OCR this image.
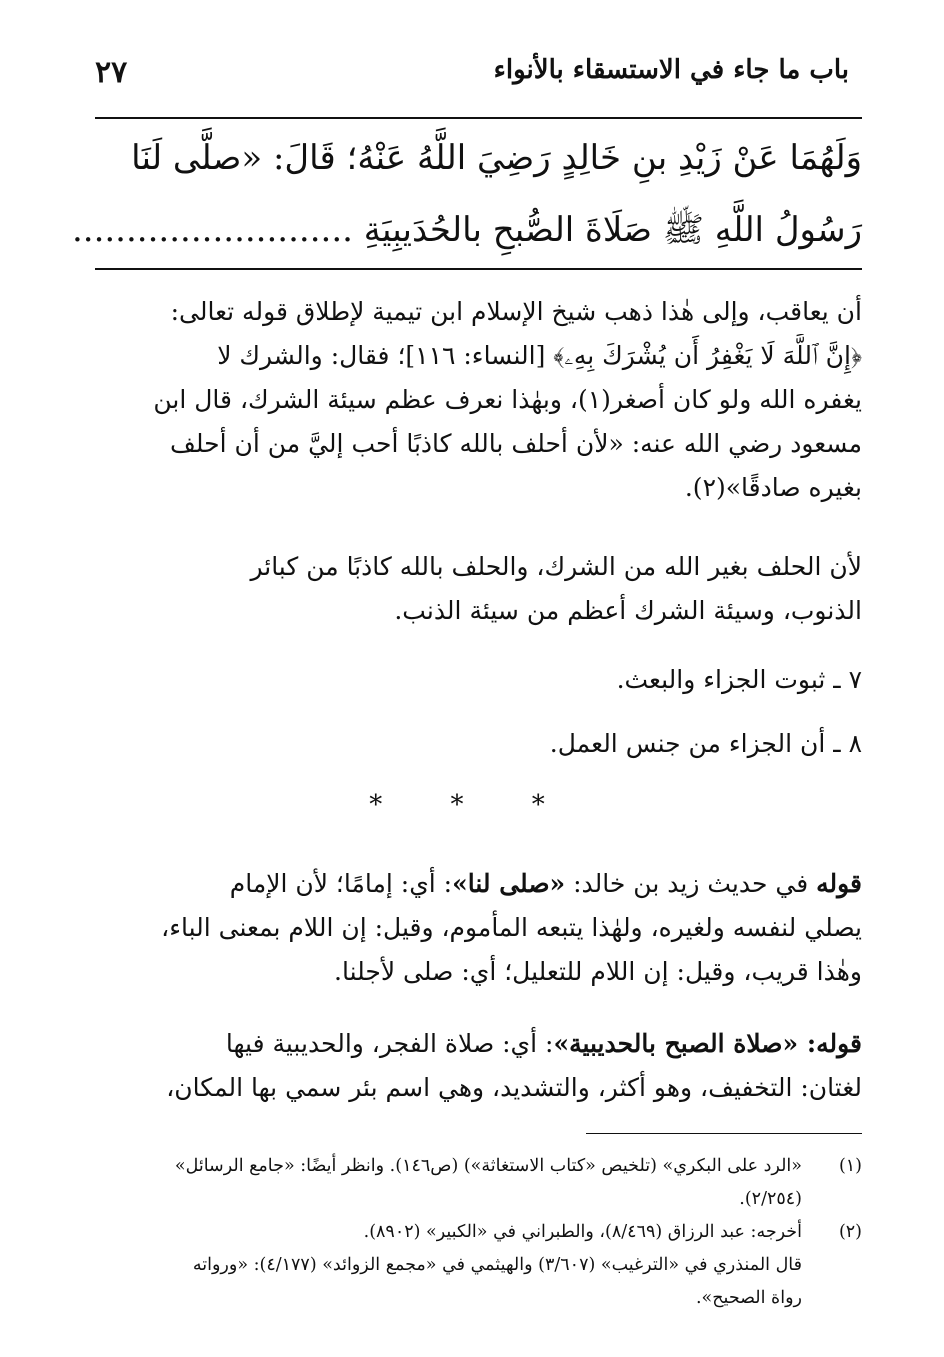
باب ما جاء في الاستسقاء بالأنواء
٢٧
وَلَهُمَا عَنْ زَيْدِ بنِ خَالِدٍ رَضِيَ اللَّهُ عَنْهُ؛ قَالَ: «صلَّى لَنَا
رَسُولُ اللَّهِ ﷺ صَلَاةَ الصُّبحِ بالحُدَيبِيَةِ ..........................
أن يعاقب، وإلى هٰذا ذهب شيخ الإسلام ابن تيمية لإطلاق قوله تعالى:
﴿إِنَّ ٱللَّهَ لَا يَغْفِرُ أَن يُشْرَكَ بِهِۦ﴾ [النساء: ١١٦]؛ فقال: والشرك لا
يغفره الله ولو كان أصغر(١)، وبهٰذا نعرف عظم سيئة الشرك، قال ابن
مسعود رضي الله عنه: «لأن أحلف بالله كاذبًا أحب إليَّ من أن أحلف
بغيره صادقًا»(٢).
لأن الحلف بغير الله من الشرك، والحلف بالله كاذبًا من كبائر
الذنوب، وسيئة الشرك أعظم من سيئة الذنب.
٧ ـ ثبوت الجزاء والبعث.
٨ ـ أن الجزاء من جنس العمل.
* * *
قوله في حديث زيد بن خالد: «صلى لنا»: أي: إمامًا؛ لأن الإمام
يصلي لنفسه ولغيره، ولهٰذا يتبعه المأموم، وقيل: إن اللام بمعنى الباء،
وهٰذا قريب، وقيل: إن اللام للتعليل؛ أي: صلى لأجلنا.
قوله: «صلاة الصبح بالحديبية»: أي: صلاة الفجر، والحديبية فيها
لغتان: التخفيف، وهو أكثر، والتشديد، وهي اسم بئر سمي بها المكان،
(١)
«الرد على البكري» (تلخيص «كتاب الاستغاثة») (ص١٤٦). وانظر أيضًا: «جامع الرسائل»
(٢/٢٥٤).
(٢)
أخرجه: عبد الرزاق (٨/٤٦٩)، والطبراني في «الكبير» (٨٩٠٢).
قال المنذري في «الترغيب» (٣/٦٠٧) والهيثمي في «مجمع الزوائد» (٤/١٧٧): «ورواته
رواة الصحيح».
